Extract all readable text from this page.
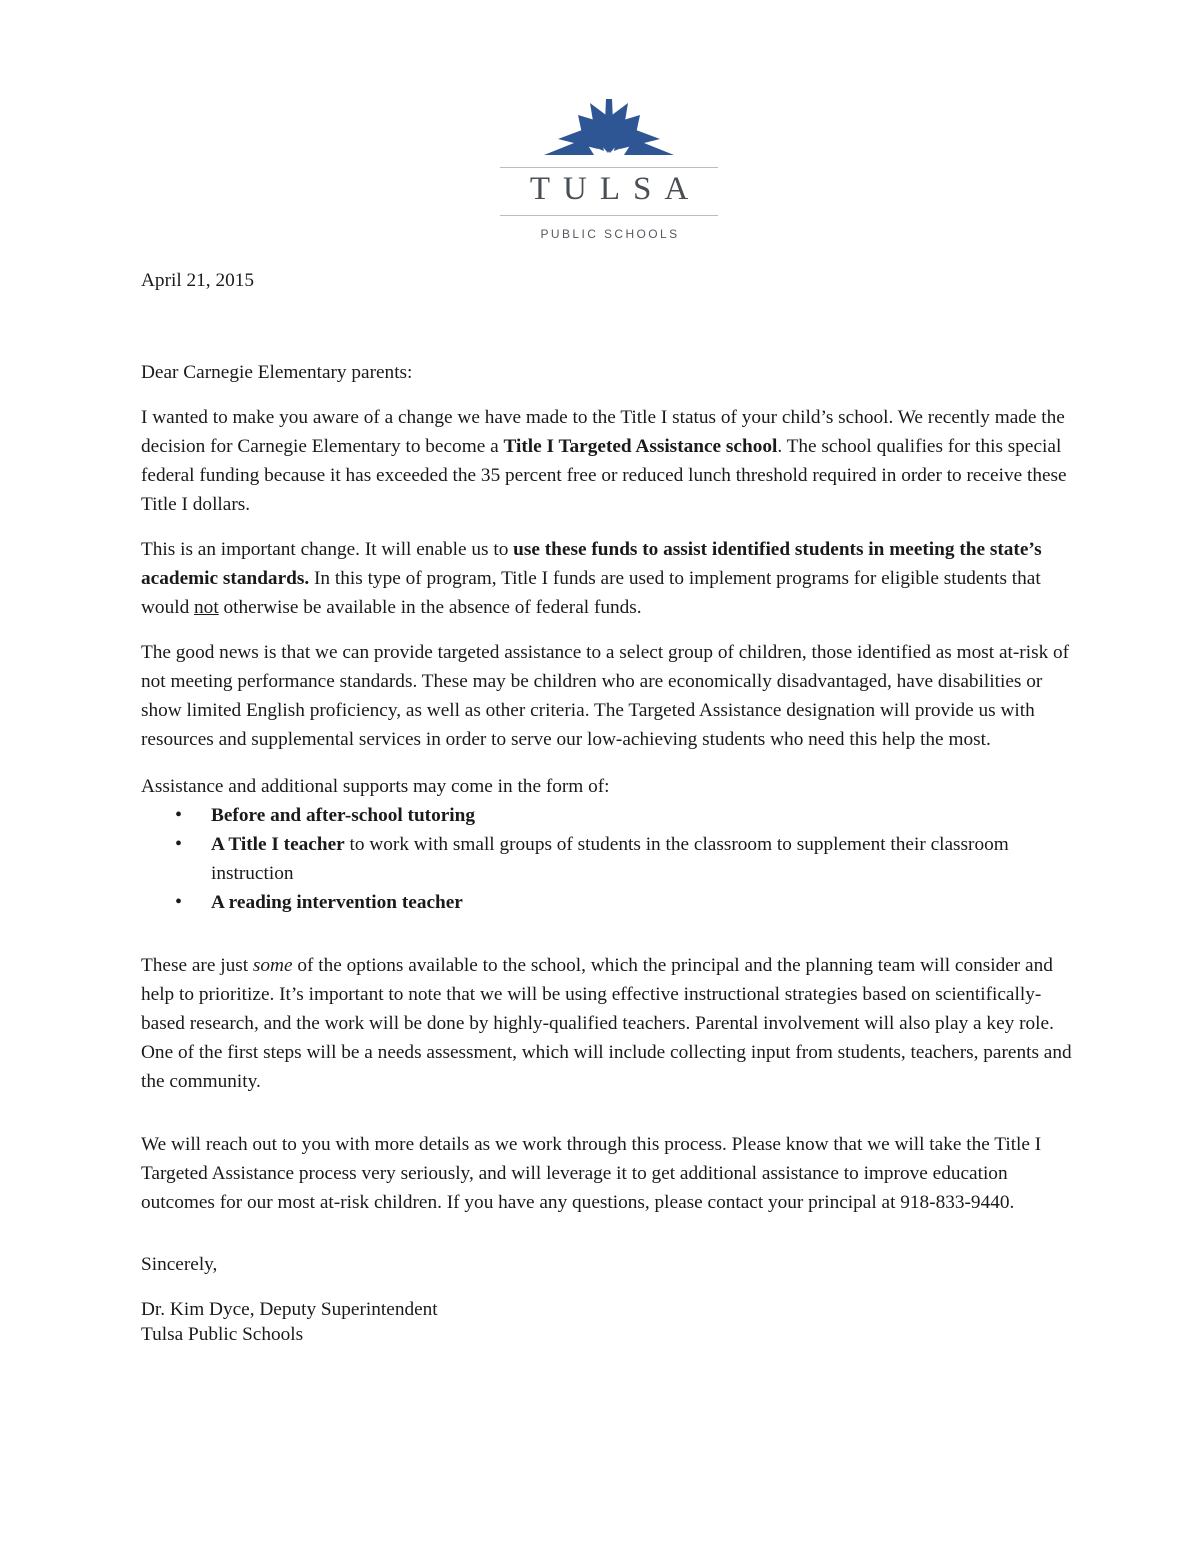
TULSA
PUBLIC SCHOOLS

April 21, 2015

Dear Carnegie Elementary parents:

I wanted to make you aware of a change we have made to the Title I status of your child’s school. We recently made the decision for Carnegie Elementary to become a Title I Targeted Assistance school. The school qualifies for this special federal funding because it has exceeded the 35 percent free or reduced lunch threshold required in order to receive these Title I dollars.

This is an important change. It will enable us to use these funds to assist identified students in meeting the state’s academic standards. In this type of program, Title I funds are used to implement programs for eligible students that would not otherwise be available in the absence of federal funds.

The good news is that we can provide targeted assistance to a select group of children, those identified as most at-risk of not meeting performance standards. These may be children who are economically disadvantaged, have disabilities or show limited English proficiency, as well as other criteria. The Targeted Assistance designation will provide us with resources and supplemental services in order to serve our low-achieving students who need this help the most.

Assistance and additional supports may come in the form of:

• Before and after-school tutoring
• A Title I teacher to work with small groups of students in the classroom to supplement their classroom instruction
• A reading intervention teacher

These are just some of the options available to the school, which the principal and the planning team will consider and help to prioritize. It’s important to note that we will be using effective instructional strategies based on scientifically-based research, and the work will be done by highly-qualified teachers. Parental involvement will also play a key role. One of the first steps will be a needs assessment, which will include collecting input from students, teachers, parents and the community.

We will reach out to you with more details as we work through this process. Please know that we will take the Title I Targeted Assistance process very seriously, and will leverage it to get additional assistance to improve education outcomes for our most at-risk children. If you have any questions, please contact your principal at 918-833-9440.

Sincerely,

Dr. Kim Dyce, Deputy Superintendent
Tulsa Public Schools
